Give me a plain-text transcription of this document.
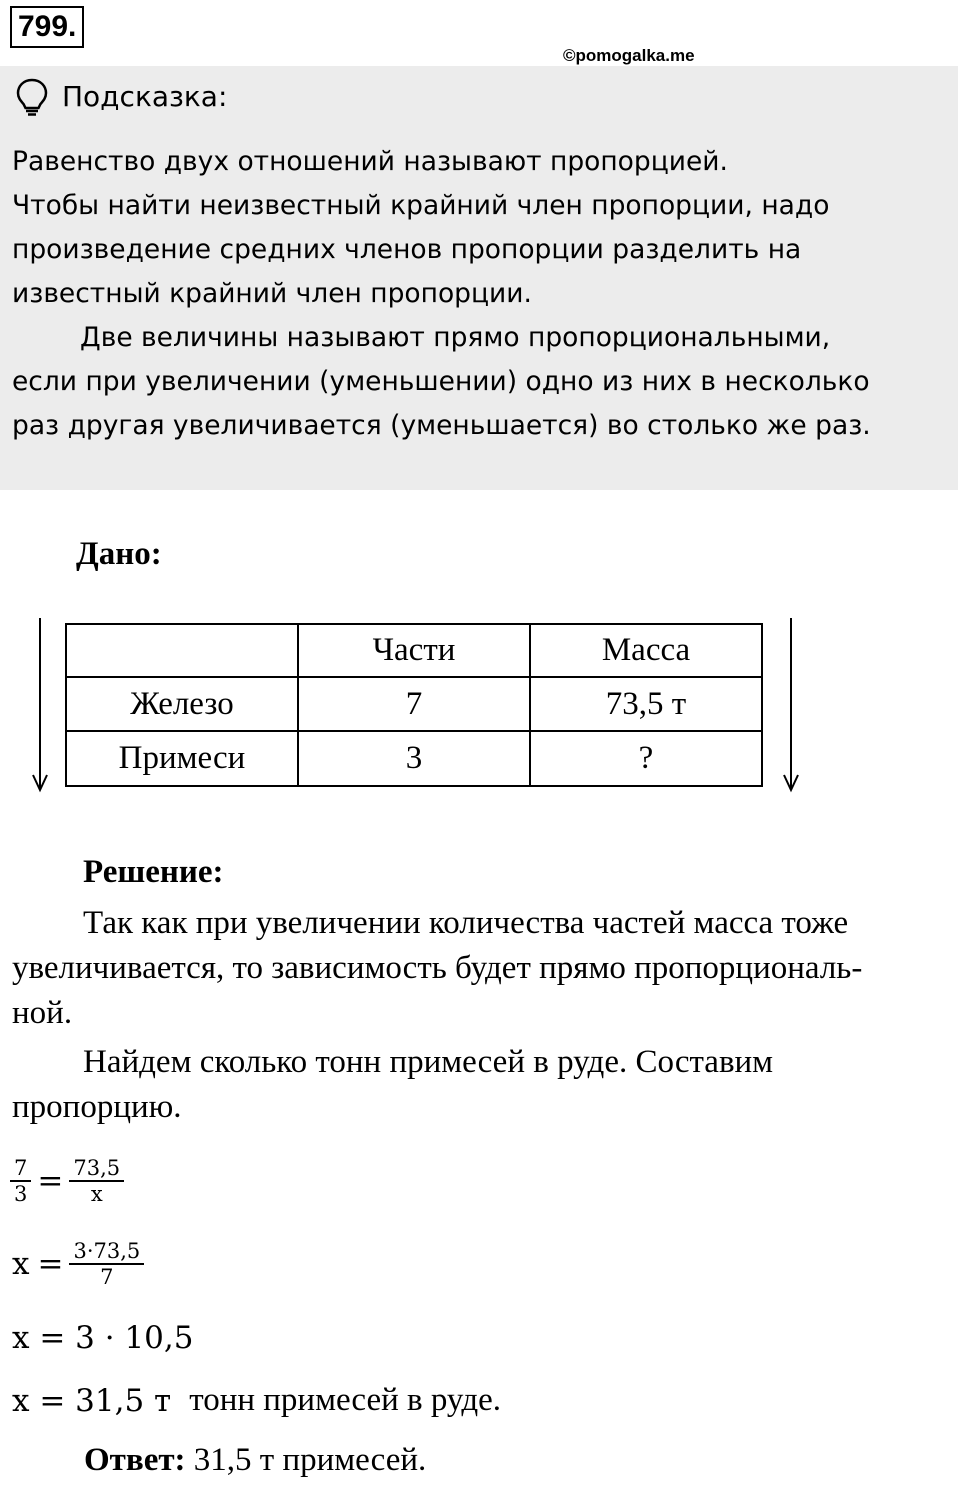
799.
©pomogalka.me
Подсказка:
Равенство двух отношений называют пропорцией.
Чтобы найти неизвестный крайний член пропорции, надо
произведение средних членов пропорции разделить на
известный крайний член пропорции.
Две величины называют прямо пропорциональными,
если при увеличении (уменьшении) одно из них в несколько
раз другая увеличивается (уменьшается) во столько же раз.
Дано:
	Части	Масса
Железо	7	73,5 т
Примеси	3	?
Решение:
Так как при увеличении количества частей масса тоже
увеличивается, то зависимость будет прямо пропорциональ-
ной.
Найдем сколько тонн примесей в руде. Составим
пропорцию.
$\frac{7}{3} = \frac{73,5}{x}$
$x = \frac{3\cdot 73,5}{7}$
x = 3 · 10,5
x = 31,5 т тонн примесей в руде.
Ответ: 31,5 т примесей.
